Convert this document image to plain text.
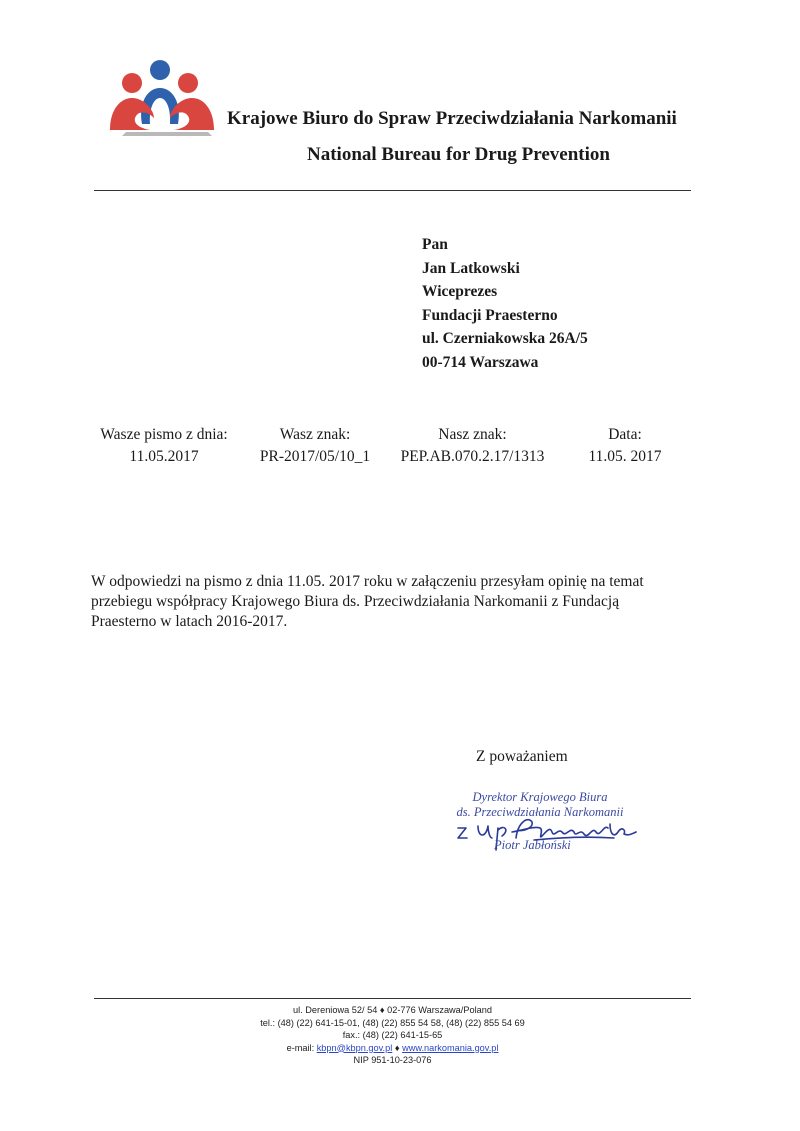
Krajowe Biuro do Spraw Przeciwdziałania Narkomanii
National Bureau for Drug Prevention
Pan
Jan Latkowski
Wiceprezes
Fundacji Praesterno
ul. Czerniakowska 26A/5
00-714 Warszawa
Wasze pismo z dnia:
11.05.2017
Wasz znak:
PR-2017/05/10_1
Nasz znak:
PEP.AB.070.2.17/1313
Data:
11.05. 2017
W odpowiedzi na pismo z dnia 11.05. 2017 roku w załączeniu przesyłam opinię na temat
przebiegu współpracy Krajowego Biura ds. Przeciwdziałania Narkomanii z Fundacją
Praesterno w latach 2016-2017.
Z poważaniem
Dyrektor Krajowego Biura
ds. Przeciwdziałania Narkomanii
Piotr Jabłoński
ul. Dereniowa 52/ 54 ♦ 02-776 Warszawa/Poland
tel.: (48) (22) 641-15-01, (48) (22) 855 54 58, (48) (22) 855 54 69
fax.: (48) (22) 641-15-65
e-mail: kbpn@kbpn.gov.pl ♦ www.narkomania.gov.pl
NIP 951-10-23-076
